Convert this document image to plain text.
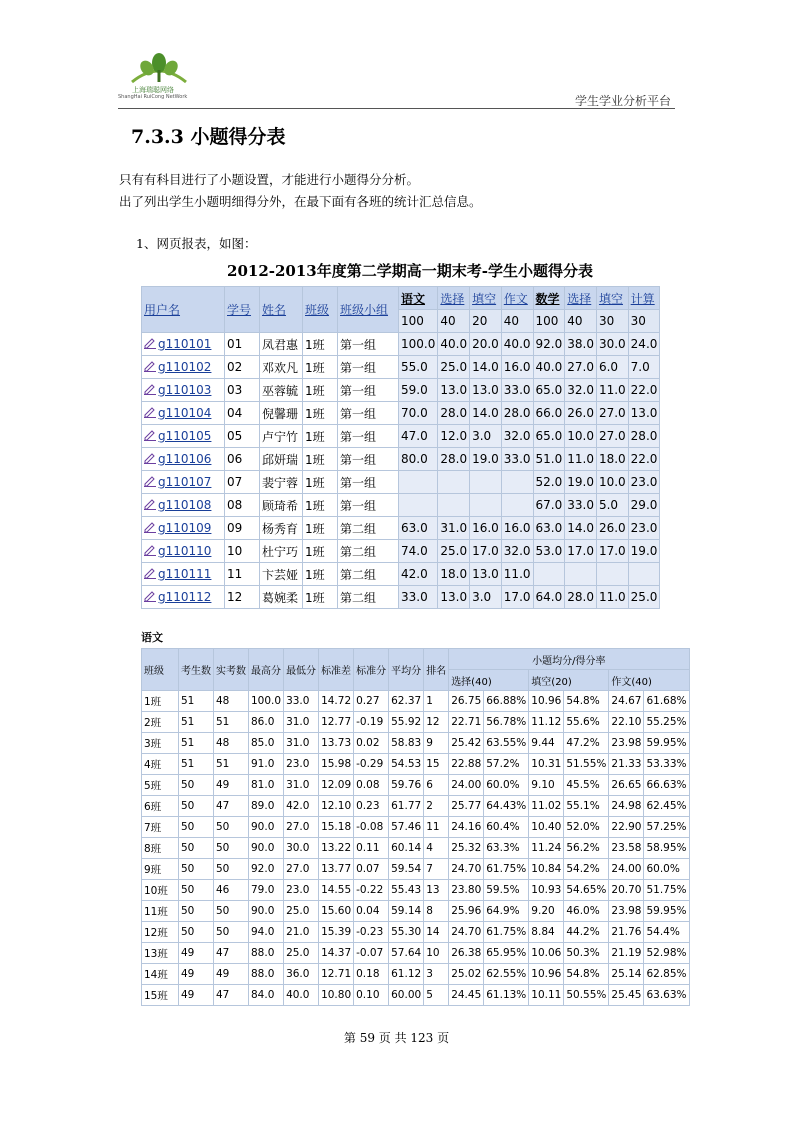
上海瑞聪网络
ShangHai RuiCong NetWork	学生学业分析平台
7.3.3 小题得分表
只有有科目进行了小题设置，才能进行小题得分分析。
出了列出学生小题明细得分外，在最下面有各班的统计汇总信息。
1、网页报表，如图：
2012-2013年度第二学期高一期末考-学生小题得分表
用户名	学号	姓名	班级	班级小组	语文	选择	填空	作文	数学	选择	填空	计算
					100	40	20	40	100	40	30	30
g110101	01	凤君惠	1班	第一组	100.0	40.0	20.0	40.0	92.0	38.0	30.0	24.0
g110102	02	邓欢凡	1班	第一组	55.0	25.0	14.0	16.0	40.0	27.0	6.0	7.0
g110103	03	巫蓉毓	1班	第一组	59.0	13.0	13.0	33.0	65.0	32.0	11.0	22.0
g110104	04	倪馨珊	1班	第一组	70.0	28.0	14.0	28.0	66.0	26.0	27.0	13.0
g110105	05	卢宁竹	1班	第一组	47.0	12.0	3.0	32.0	65.0	10.0	27.0	28.0
g110106	06	邱妍瑞	1班	第一组	80.0	28.0	19.0	33.0	51.0	11.0	18.0	22.0
g110107	07	裴宁蓉	1班	第一组					52.0	19.0	10.0	23.0
g110108	08	顾琦希	1班	第一组					67.0	33.0	5.0	29.0
g110109	09	杨秀育	1班	第二组	63.0	31.0	16.0	16.0	63.0	14.0	26.0	23.0
g110110	10	杜宁巧	1班	第二组	74.0	25.0	17.0	32.0	53.0	17.0	17.0	19.0
g110111	11	卞芸娅	1班	第二组	42.0	18.0	13.0	11.0				
g110112	12	葛婉柔	1班	第二组	33.0	13.0	3.0	17.0	64.0	28.0	11.0	25.0
语文
班级	考生数	实考数	最高分	最低分	标准差	标准分	平均分	排名	小题均分/得分率					
									选择(40)		填空(20)		作文(40)	
1班	51	48	100.0	33.0	14.72	0.27	62.37	1	26.75	66.88%	10.96	54.8%	24.67	61.68%
2班	51	51	86.0	31.0	12.77	-0.19	55.92	12	22.71	56.78%	11.12	55.6%	22.10	55.25%
3班	51	48	85.0	31.0	13.73	0.02	58.83	9	25.42	63.55%	9.44	47.2%	23.98	59.95%
4班	51	51	91.0	23.0	15.98	-0.29	54.53	15	22.88	57.2%	10.31	51.55%	21.33	53.33%
5班	50	49	81.0	31.0	12.09	0.08	59.76	6	24.00	60.0%	9.10	45.5%	26.65	66.63%
6班	50	47	89.0	42.0	12.10	0.23	61.77	2	25.77	64.43%	11.02	55.1%	24.98	62.45%
7班	50	50	90.0	27.0	15.18	-0.08	57.46	11	24.16	60.4%	10.40	52.0%	22.90	57.25%
8班	50	50	90.0	30.0	13.22	0.11	60.14	4	25.32	63.3%	11.24	56.2%	23.58	58.95%
9班	50	50	92.0	27.0	13.77	0.07	59.54	7	24.70	61.75%	10.84	54.2%	24.00	60.0%
10班	50	46	79.0	23.0	14.55	-0.22	55.43	13	23.80	59.5%	10.93	54.65%	20.70	51.75%
11班	50	50	90.0	25.0	15.60	0.04	59.14	8	25.96	64.9%	9.20	46.0%	23.98	59.95%
12班	50	50	94.0	21.0	15.39	-0.23	55.30	14	24.70	61.75%	8.84	44.2%	21.76	54.4%
13班	49	47	88.0	25.0	14.37	-0.07	57.64	10	26.38	65.95%	10.06	50.3%	21.19	52.98%
14班	49	49	88.0	36.0	12.71	0.18	61.12	3	25.02	62.55%	10.96	54.8%	25.14	62.85%
15班	49	47	84.0	40.0	10.80	0.10	60.00	5	24.45	61.13%	10.11	50.55%	25.45	63.63%
第 59 页 共 123 页
